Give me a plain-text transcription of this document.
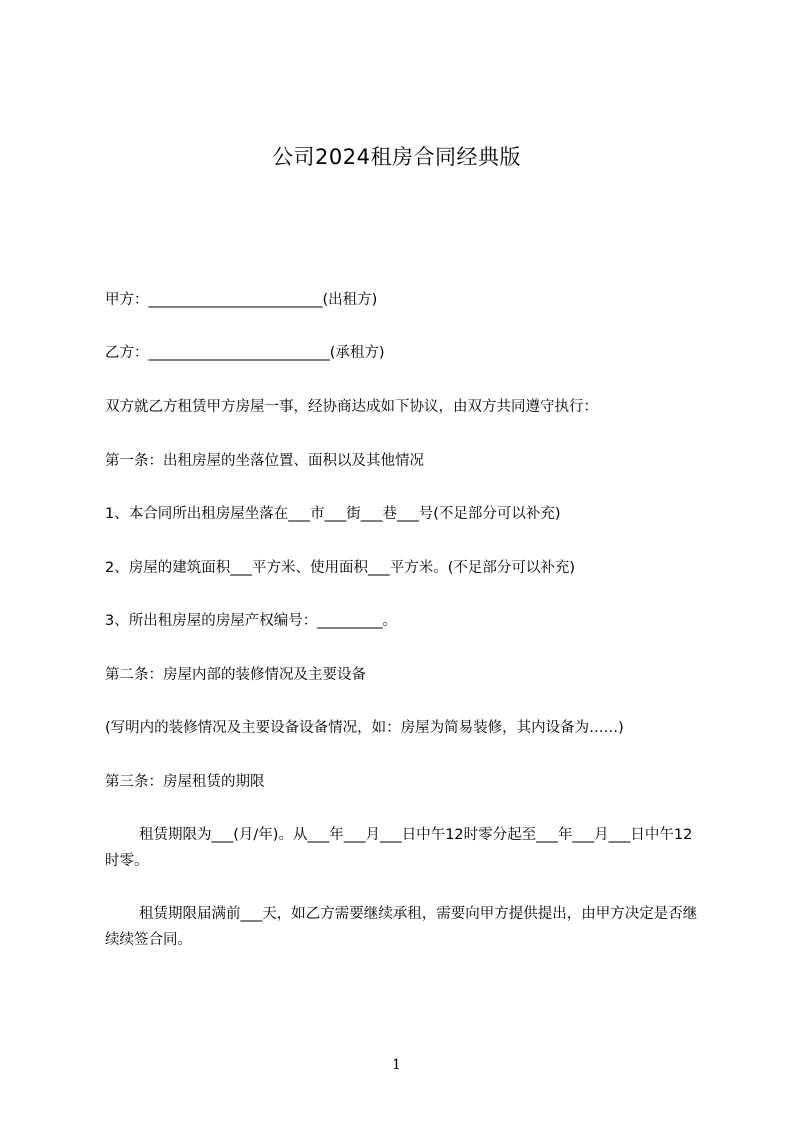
公司2024租房合同经典版

甲方：________________________(出租方)

乙方：_________________________(承租方)

双方就乙方租赁甲方房屋一事，经协商达成如下协议，由双方共同遵守执行：

第一条：出租房屋的坐落位置、面积以及其他情况

1、本合同所出租房屋坐落在___市___街___巷___号(不足部分可以补充)

2、房屋的建筑面积___平方米、使用面积___平方米。(不足部分可以补充)

3、所出租房屋的房屋产权编号：_________。

第二条：房屋内部的装修情况及主要设备

(写明内的装修情况及主要设备设备情况，如：房屋为简易装修，其内设备为……)

第三条：房屋租赁的期限

租赁期限为___(月/年)。从___年___月___日中午12时零分起至___年___月___日中午12时零。

租赁期限届满前___天，如乙方需要继续承租，需要向甲方提供提出，由甲方决定是否继续续签合同。

1
